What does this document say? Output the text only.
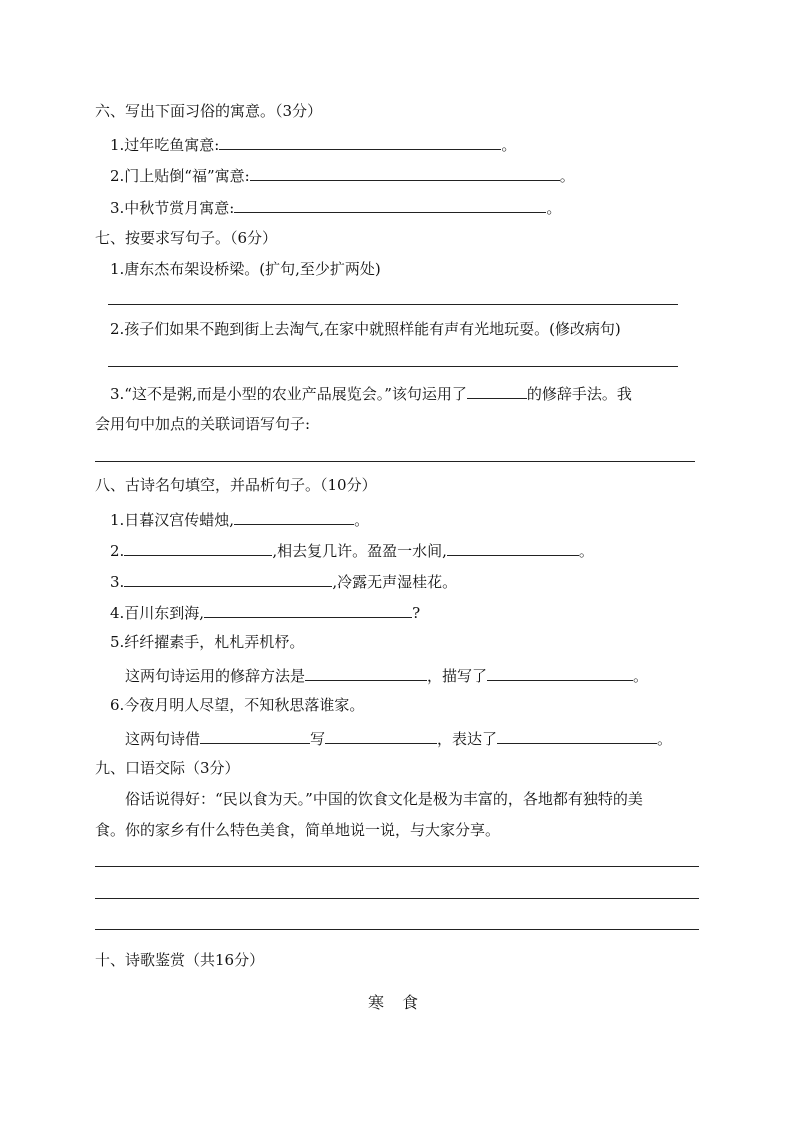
六、写出下面习俗的寓意。（3分）
1.过年吃鱼寓意:	。
2.门上贴倒“福”寓意:	。
3.中秋节赏月寓意:	。
七、按要求写句子。（6分）
1.唐东杰布架设桥梁。(扩句,至少扩两处)
2.孩子们如果不跑到街上去淘气,在家中就照样能有声有光地玩耍。(修改病句)
3.“这不是粥,而是小型的农业产品展览会。”该句运用了	的修辞手法。我
会用句中加点的关联词语写句子:
八、古诗名句填空，并品析句子。（10分）
1.日暮汉宫传蜡烛,	。
2.	,相去复几许。盈盈一水间,	。
3.	,冷露无声湿桂花。
4.百川东到海,	?
5.纤纤擢素手，札札弄机杼。
这两句诗运用的修辞方法是	，描写了	。
6.今夜月明人尽望，不知秋思落谁家。
这两句诗借	写	，表达了	。
九、口语交际（3分）
俗话说得好：“民以食为天。”中国的饮食文化是极为丰富的，各地都有独特的美
食。你的家乡有什么特色美食，简单地说一说，与大家分享。
十、诗歌鉴赏（共16分）
寒食
